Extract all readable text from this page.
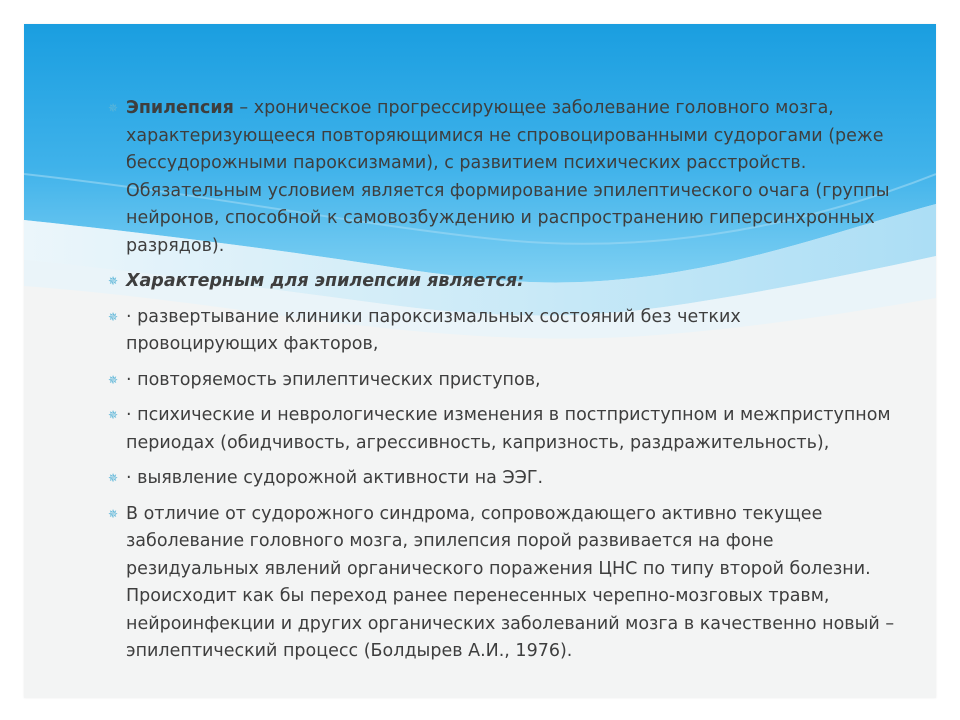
✵ Эпилепсия – хроническое прогрессирующее заболевание головного мозга, характеризующееся повторяющимися не спровоцированными судорогами (реже бессудорожными пароксизмами), с развитием психических расстройств. Обязательным условием является формирование эпилептического очага (группы нейронов, способной к самовозбуждению и распространению гиперсинхронных разрядов).
✵ Характерным для эпилепсии является:
✵ · развертывание клиники пароксизмальных состояний без четких провоцирующих факторов,
✵ · повторяемость эпилептических приступов,
✵ · психические и неврологические изменения в постприступном и межприступном периодах (обидчивость, агрессивность, капризность, раздражительность),
✵ · выявление судорожной активности на ЭЭГ.
✵ В отличие от судорожного синдрома, сопровождающего активно текущее заболевание головного мозга, эпилепсия порой развивается на фоне резидуальных явлений органического поражения ЦНС по типу второй болезни. Происходит как бы переход ранее перенесенных черепно-мозговых травм, нейроинфекции и других органических заболеваний мозга в качественно новый – эпилептический процесс (Болдырев А.И., 1976).
